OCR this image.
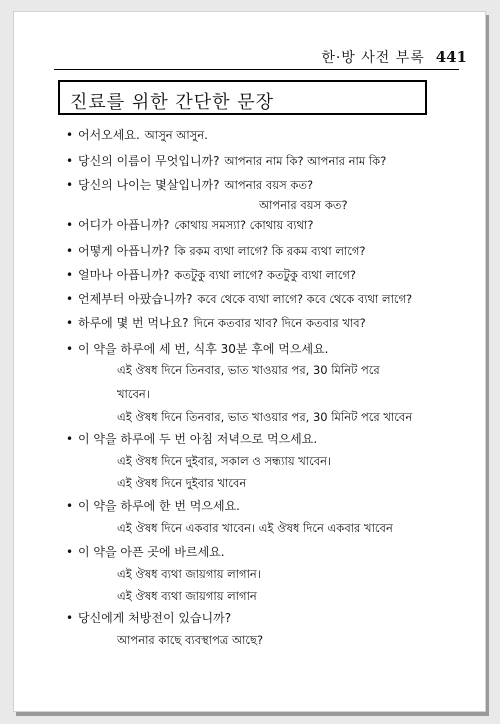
한·방 사전 부록 441
진료를 위한 간단한 문장
• 어서오세요. আসুন আসুন.
• 당신의 이름이 무엇입니까? আপনার নাম কি? আপনার নাম কি?
• 당신의 나이는 몇살입니까? আপনার বয়স কত?
আপনার বয়স কত?
• 어디가 아픕니까? কোথায় সমস্যা? কোথায় ব্যথা?
• 어떻게 아픕니까? কি রকম ব্যথা লাগে? কি রকম ব্যথা লাগে?
• 얼마나 아픕니까? কতটুকু ব্যথা লাগে? কতটুকু ব্যথা লাগে?
• 언제부터 아팠습니까? কবে থেকে ব্যথা লাগে? কবে থেকে ব্যথা লাগে?
• 하루에 몇 번 먹나요? দিনে কতবার খাব? দিনে কতবার খাব?
• 이 약을 하루에 세 번, 식후 30분 후에 먹으세요.
এই ঔষধ দিনে তিনবার, ভাত খাওয়ার পর, 30 মিনিট পরে
খাবেন।
এই ঔষধ দিনে তিনবার, ভাত খাওয়ার পর, 30 মিনিট পরে খাবেন
• 이 약을 하루에 두 번 아침 저녁으로 먹으세요.
এই ঔষধ দিনে দুইবার, সকাল ও সন্ধ্যায় খাবেন।
এই ঔষধ দিনে দুইবার খাবেন
• 이 약을 하루에 한 번 먹으세요.
এই ঔষধ দিনে একবার খাবেন। এই ঔষধ দিনে একবার খাবেন
• 이 약을 아픈 곳에 바르세요.
এই ঔষধ ব্যথা জায়গায় লাগান।
এই ঔষধ ব্যথা জায়গায় লাগান
• 당신에게 처방전이 있습니까?
আপনার কাছে ব্যবস্থাপত্র আছে?
